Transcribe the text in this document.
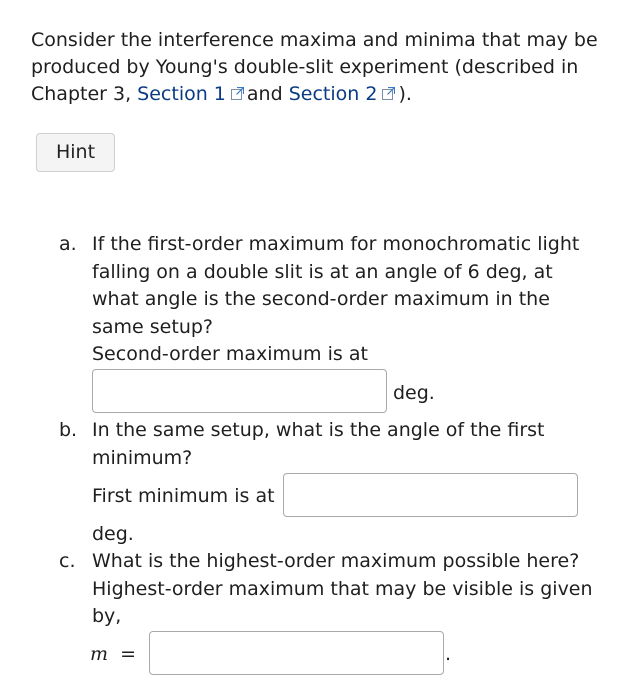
Consider the interference maxima and minima that may be produced by Young's double-slit experiment (described in Chapter 3, Section 1 and Section 2 ).
Hint
a. If the first-order maximum for monochromatic light falling on a double slit is at an angle of 6 deg, at what angle is the second-order maximum in the same setup?
Second-order maximum is at
deg.
b. In the same setup, what is the angle of the first minimum?
First minimum is at
deg.
c. What is the highest-order maximum possible here? Highest-order maximum that may be visible is given by,
m =	.
